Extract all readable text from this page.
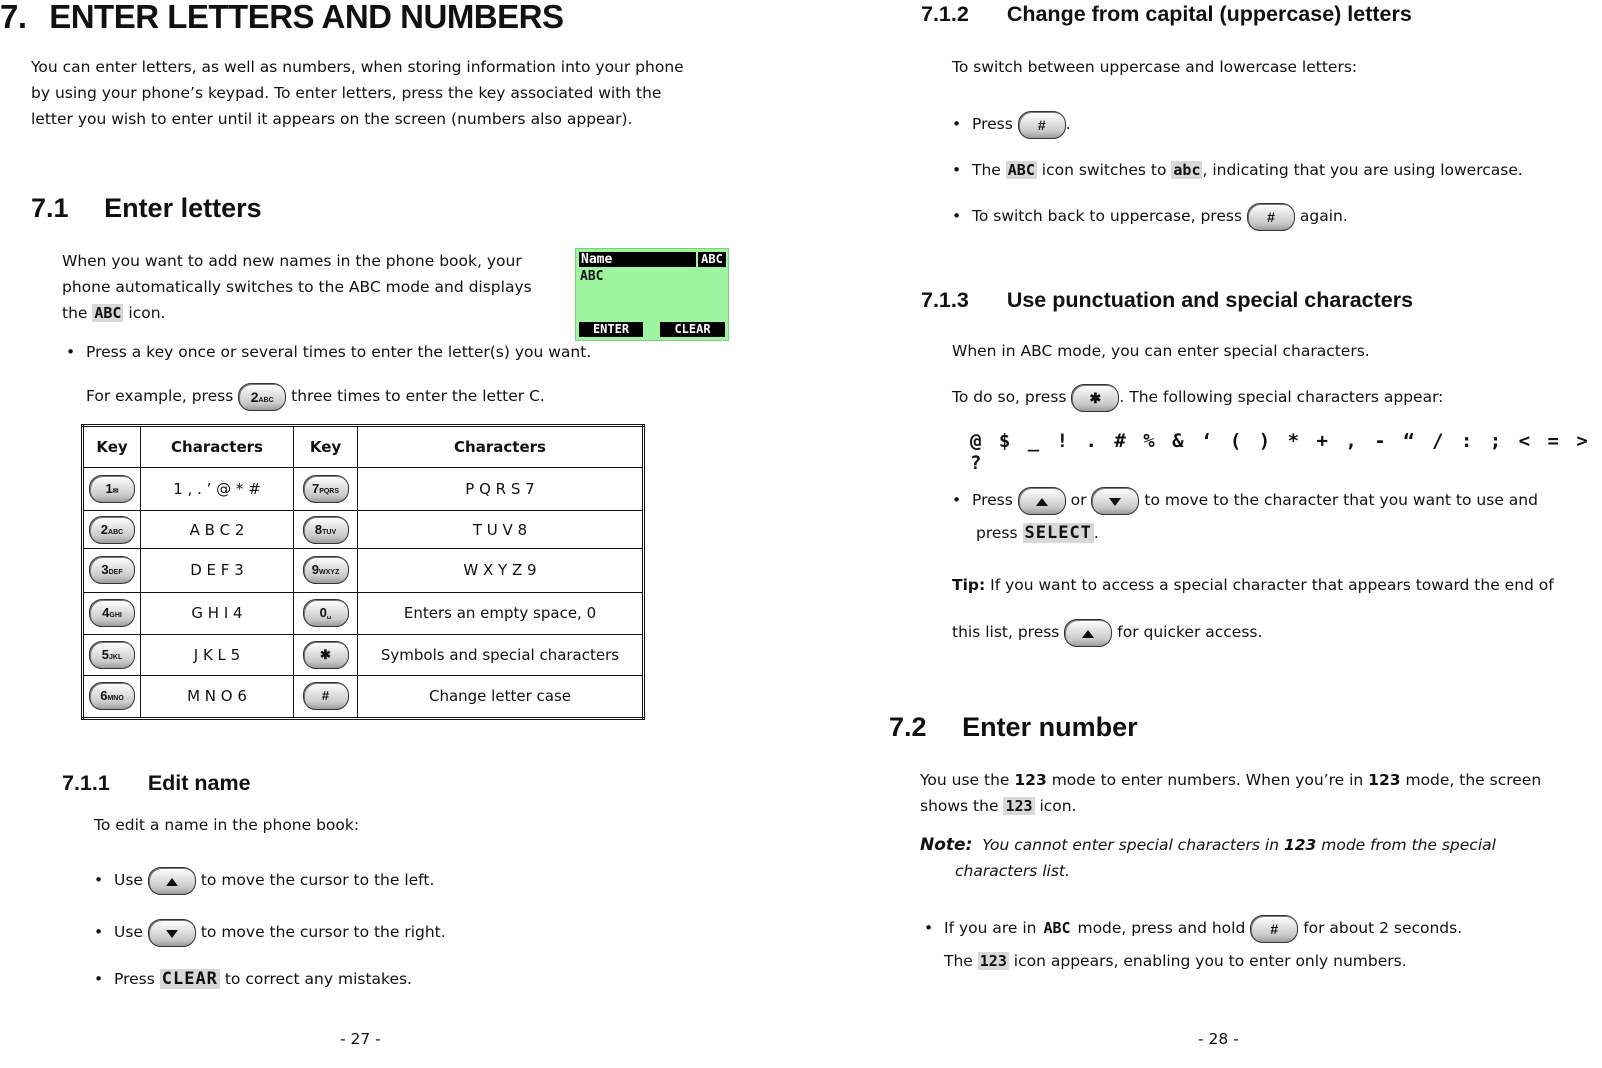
7. ENTER LETTERS AND NUMBERS
You can enter letters, as well as numbers, when storing information into your phone
by using your phone’s keypad. To enter letters, press the key associated with the
letter you wish to enter until it appears on the screen (numbers also appear).
7.1 Enter letters
When you want to add new names in the phone book, your
phone automatically switches to the ABC mode and displays
the ABC icon.
Name	ABC
ABC
ENTER	CLEAR
• Press a key once or several times to enter the letter(s) you want.
For example, press 2ABC three times to enter the letter C.
Key	Characters	Key	Characters
1✉	1 , . ’ @ * #	7PQRS	P Q R S 7
2ABC	A B C 2	8TUV	T U V 8
3DEF	D E F 3	9WXYZ	W X Y Z 9
4GHI	G H I 4	0␣	Enters an empty space, 0
5JKL	J K L 5	✱	Symbols and special characters
6MNO	M N O 6	#	Change letter case
7.1.1 Edit name
To edit a name in the phone book:
• Use	to move the cursor to the left.
• Use	to move the cursor to the right.
• Press CLEAR to correct any mistakes.
- 27 -
7.1.2 Change from capital (uppercase) letters
To switch between uppercase and lowercase letters:
• Press # .
• The ABC icon switches to abc , indicating that you are using lowercase.
• To switch back to uppercase, press # again.
7.1.3 Use punctuation and special characters
When in ABC mode, you can enter special characters.
To do so, press ✱ . The following special characters appear:
@ $ _ ! . # % & ‘ ( ) * + , - “ / : ; < = > ?
• Press	or	to move to the character that you want to use and
press SELECT .
Tip: If you want to access a special character that appears toward the end of
this list, press	for quicker access.
7.2 Enter number
You use the 123 mode to enter numbers. When you’re in 123 mode, the screen
shows the 123 icon.
Note: You cannot enter special characters in 123 mode from the special
characters list.
• If you are in ABC mode, press and hold # for about 2 seconds.
The 123 icon appears, enabling you to enter only numbers.
- 28 -
